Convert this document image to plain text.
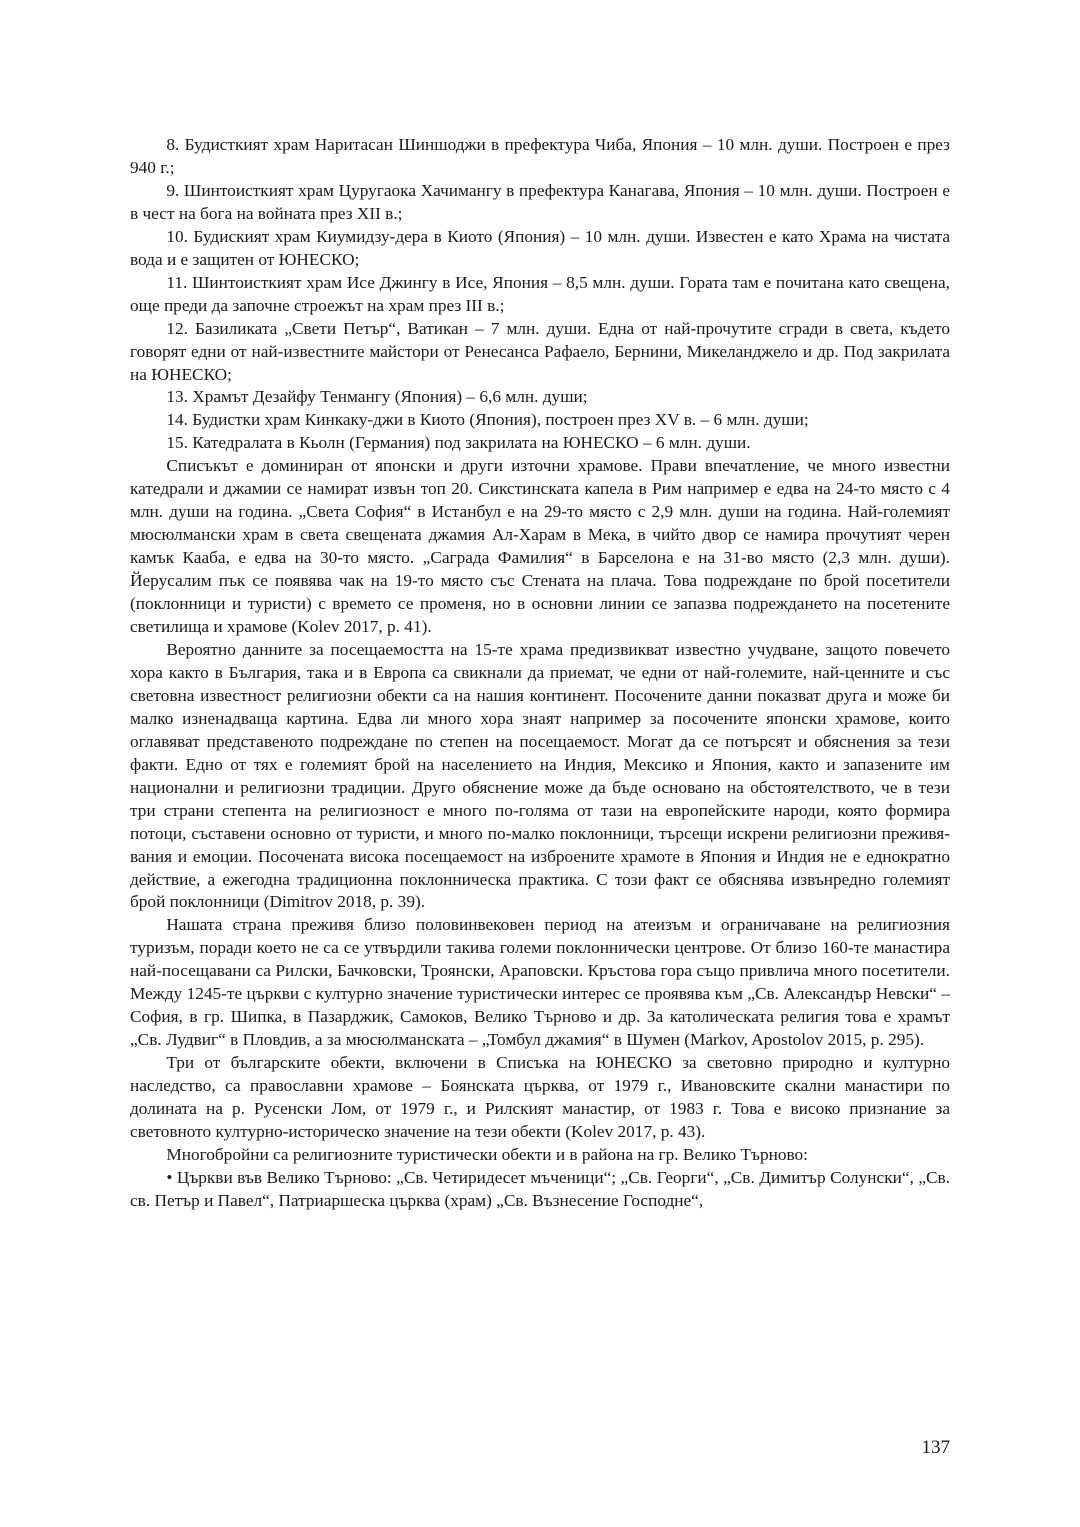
8. Будисткият храм Наритасан Шиншоджи в префектура Чиба, Япония – 10 млн. души. Построен е през 940 г.;

9. Шинтоисткият храм Цуругаока Хачимангу в префектура Канагава, Япония – 10 млн. души. Построен е в чест на бога на войната през XII в.;

10. Будиският храм Киумидзу-дера в Киото (Япония) – 10 млн. души. Известен е като Храма на чистата вода и е защитен от ЮНЕСКО;

11. Шинтоисткият храм Исе Джингу в Исе, Япония – 8,5 млн. души. Гората там е почитана като свещена, още преди да започне строежът на храм през III в.;

12. Базиликата „Свети Петър“, Ватикан – 7 млн. души. Една от най-прочутите сгради в света, където говорят едни от най-известните майстори от Ренесанса Рафаело, Бернини, Микеланджело и др. Под закрилата на ЮНЕСКО;

13. Храмът Дезайфу Тенмангу (Япония) – 6,6 млн. души;

14. Будистки храм Кинкаку-джи в Киото (Япония), построен през XV в. – 6 млн. души;

15. Катедралата в Кьолн (Германия) под закрилата на ЮНЕСКО – 6 млн. души.

Списъкът е доминиран от японски и други източни храмове. Прави впечатление, че много известни катедрали и джамии се намират извън топ 20. Сикстинската капела в Рим например е едва на 24-то място с 4 млн. души на година. „Света София“ в Истанбул е на 29-то място с 2,9 млн. души на година. Най-големият мюсюлмански храм в света свещената джамия Ал-Харам в Мека, в чийто двор се намира прочутият черен камък Кааба, е едва на 30-то място. „Саграда Фамилия“ в Барселона е на 31-во място (2,3 млн. души). Йерусалим пък се появява чак на 19-то място със Стената на плача. Това подреждане по брой посетители (поклонници и туристи) с времето се променя, но в основни линии се запазва подреждането на посетените светилища и храмове (Kolev 2017, p. 41).

Вероятно данните за посещаемостта на 15-те храма предизвикват известно учудване, защото повечето хора както в България, така и в Европа са свикнали да приемат, че едни от най-големите, най-ценните и със световна известност религиозни обекти са на нашия континент. Посочените данни показват друга и може би малко изненадваща картина. Едва ли много хора знаят например за посочените японски храмове, които оглавяват представеното подреждане по степен на посещаемост. Могат да се потърсят и обяснения за тези факти. Едно от тях е големият брой на населението на Индия, Мексико и Япония, както и запазените им национални и религиозни традиции. Друго обяснение може да бъде основано на обстоятелството, че в тези три страни степента на религиозност е много по-голяма от тази на европейските народи, която формира потоци, съставени основно от туристи, и много по-малко поклонници, търсещи искрени религиозни преживявания и емоции. Посочената висока посещаемост на изброените храмоте в Япония и Индия не е еднократно действие, а ежегодна традиционна поклонническа практика. С този факт се обяснява извънредно големият брой поклонници (Dimitrov 2018, p. 39).

Нашата страна преживя близо половинвековен период на атеизъм и ограничаване на религиозния туризъм, поради което не са се утвърдили такива големи поклоннически центрове. От близо 160-те манастира най-посещавани са Рилски, Бачковски, Троянски, Араповски. Кръстова гора също привлича много посетители. Между 1245-те църкви с културно значение туристически интерес се проявява към „Св. Александър Невски“ – София, в гр. Шипка, в Пазарджик, Самоков, Велико Търново и др. За католическата религия това е храмът „Св. Лудвиг“ в Пловдив, а за мюсюлманската – „Томбул джамия“ в Шумен (Markov, Apostolov 2015, p. 295).

Три от българските обекти, включени в Списъка на ЮНЕСКО за световно природно и културно наследство, са православни храмове – Боянската църква, от 1979 г., Ивановските скални манастири по долината на р. Русенски Лом, от 1979 г., и Рилският манастир, от 1983 г. Това е високо признание за световното културно-историческо значение на тези обекти (Kolev 2017, p. 43).

Многобройни са религиозните туристически обекти и в района на гр. Велико Търново:

• Църкви във Велико Търново: „Св. Четиридесет мъченици“; „Св. Георги“, „Св. Димитър Солунски“, „Св. св. Петър и Павел“, Патриаршеска църква (храм) „Св. Възнесение Господне“,

137
